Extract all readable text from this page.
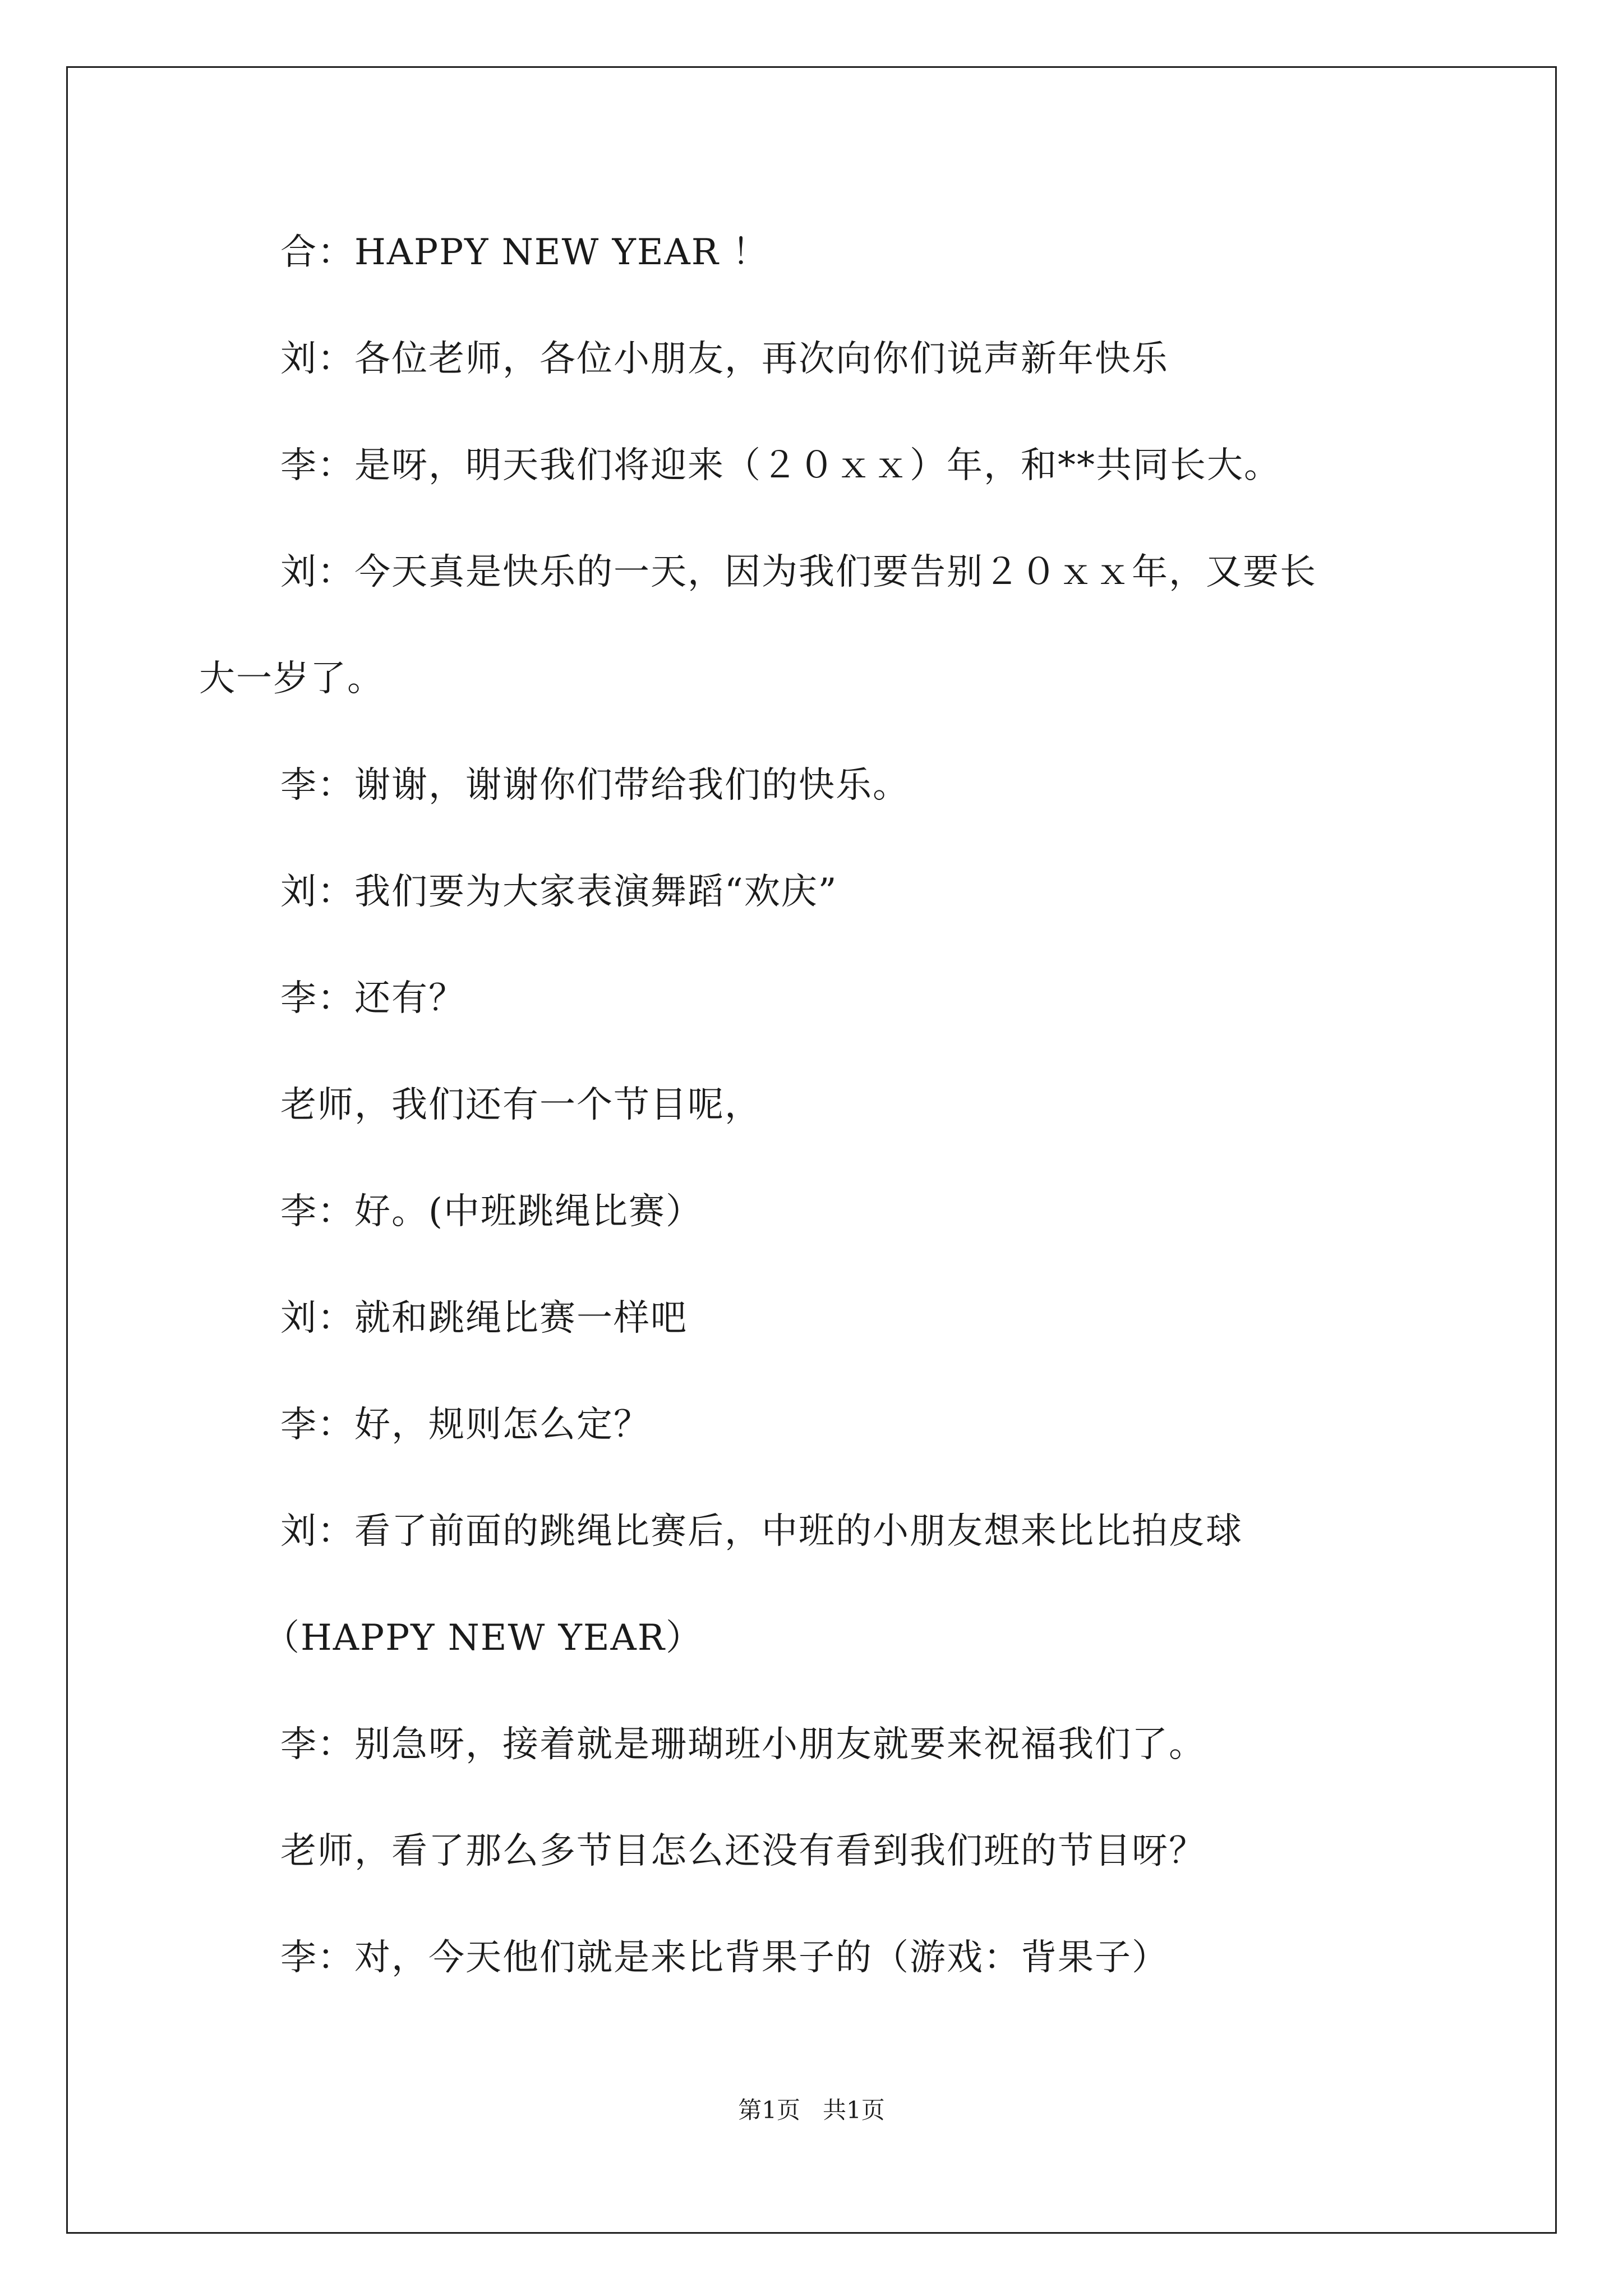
合：HAPPY NEW YEAR ！
刘：各位老师，各位小朋友，再次向你们说声新年快乐
李：是呀，明天我们将迎来（２０ｘｘ）年，和**共同长大。
刘：今天真是快乐的一天，因为我们要告别２０ｘｘ年，又要长
大一岁了。
李：谢谢，谢谢你们带给我们的快乐。
刘：我们要为大家表演舞蹈“欢庆”
李：还有？
老师，我们还有一个节目呢，
李：好。(中班跳绳比赛）
刘：就和跳绳比赛一样吧
李：好，规则怎么定？
刘：看了前面的跳绳比赛后，中班的小朋友想来比比拍皮球
（HAPPY NEW YEAR）
李：别急呀，接着就是珊瑚班小朋友就要来祝福我们了。
老师，看了那么多节目怎么还没有看到我们班的节目呀？
李：对，今天他们就是来比背果子的（游戏：背果子）
第1页   共1页
